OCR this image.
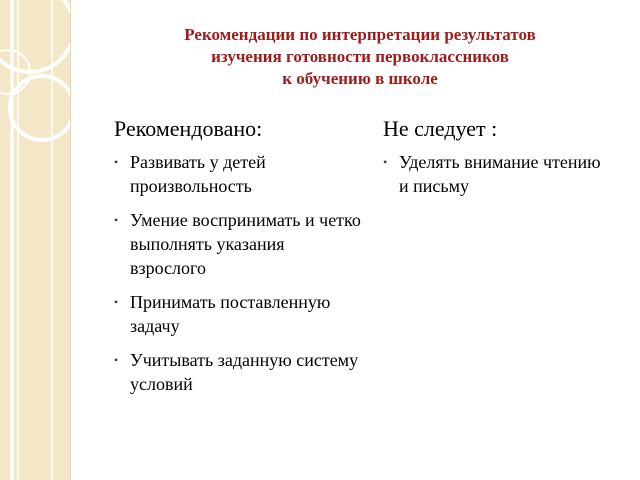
Рекомендации по интерпретации результатов
изучения готовности первоклассников
к обучению в школе
Рекомендовано:
• Развивать у детей произвольность
• Умение воспринимать и четко выполнять указания взрослого
• Принимать поставленную задачу
• Учитывать заданную систему условий
Не следует :
• Уделять внимание чтению и письму
